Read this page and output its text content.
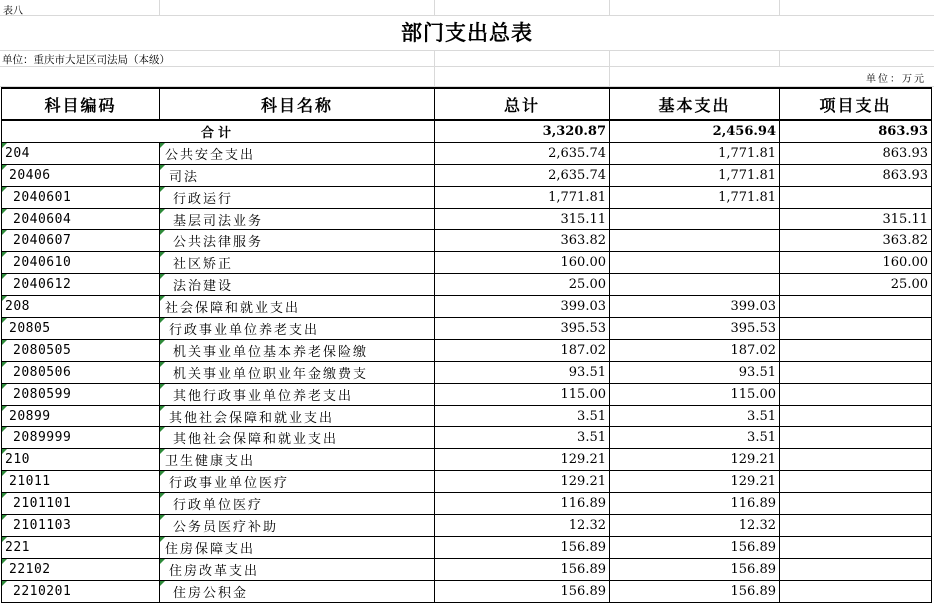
表八
部门支出总表
单位：重庆市大足区司法局（本级）
单位：万元
科目编码	科目名称	总计	基本支出	项目支出
合计		3,320.87	2,456.94	863.93

204	公共安全支出	2,635.74	1,771.81	863.93

20406	司法	2,635.74	1,771.81	863.93

2040601	行政运行	1,771.81	1,771.81	

2040604	基层司法业务	315.11		315.11

2040607	公共法律服务	363.82		363.82

2040610	社区矫正	160.00		160.00

2040612	法治建设	25.00		25.00

208	社会保障和就业支出	399.03	399.03	

20805	行政事业单位养老支出	395.53	395.53	

2080505	机关事业单位基本养老保险缴	187.02	187.02	

2080506	机关事业单位职业年金缴费支	93.51	93.51	

2080599	其他行政事业单位养老支出	115.00	115.00	

20899	其他社会保障和就业支出	3.51	3.51	

2089999	其他社会保障和就业支出	3.51	3.51	

210	卫生健康支出	129.21	129.21	

21011	行政事业单位医疗	129.21	129.21	

2101101	行政单位医疗	116.89	116.89	

2101103	公务员医疗补助	12.32	12.32	

221	住房保障支出	156.89	156.89	

22102	住房改革支出	156.89	156.89	

2210201	住房公积金	156.89	156.89	
